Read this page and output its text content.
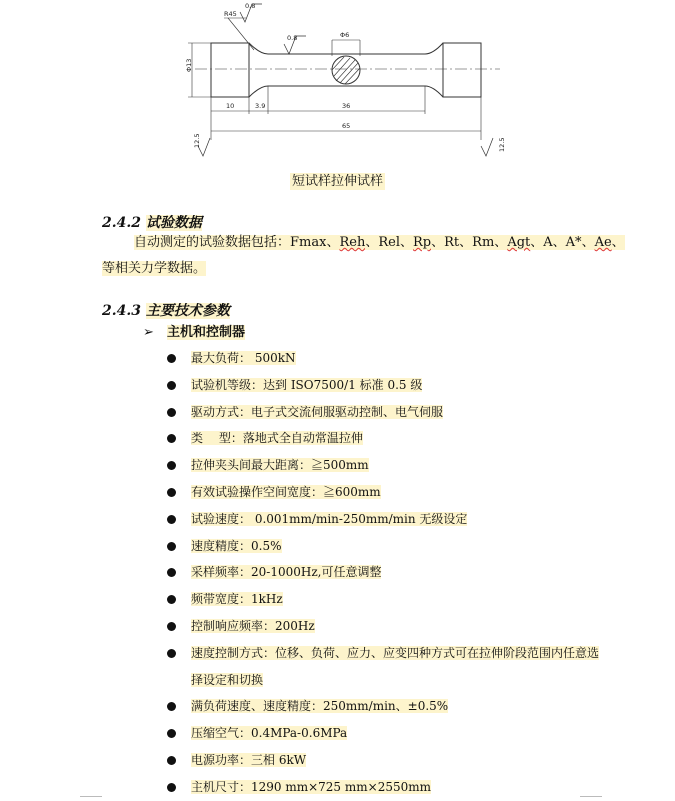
0.8
R45
0.8	Φ6
Φ13
10	3.9	36
65
12.5	12.5
短试样拉伸试样
2.4.2 试验数据
自动测定的试验数据包括：Fmax、Reh、Rel、Rp、Rt、Rm、Agt、A、A*、Ae、
等相关力学数据。
2.4.3 主要技术参数
➢ 主机和控制器
最大负荷： 500kN
试验机等级：达到 ISO7500/1 标准 0.5 级
驱动方式：电子式交流伺服驱动控制、电气伺服
类　 型：落地式全自动常温拉伸
拉伸夹头间最大距离：≧500mm
有效试验操作空间宽度：≧600mm
试验速度： 0.001mm/min-250mm/min 无级设定
速度精度：0.5%
采样频率：20-1000Hz,可任意调整
频带宽度：1kHz
控制响应频率：200Hz
速度控制方式：位移、负荷、应力、应变四种方式可在拉伸阶段范围内任意选择设定和切换
满负荷速度、速度精度：250mm/min、±0.5%
压缩空气：0.4MPa-0.6MPa
电源功率：三相 6kW
主机尺寸：1290 mm×725 mm×2550mm
